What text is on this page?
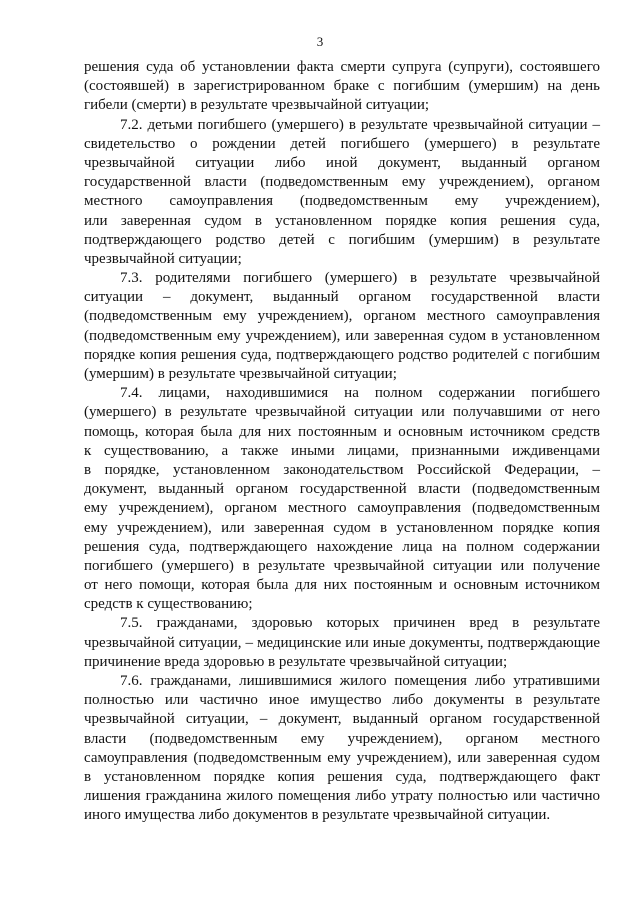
3
решения суда об установлении факта смерти супруга (супруги), состоявшего
(состоявшей) в зарегистрированном браке с погибшим (умершим) на день
гибели (смерти) в результате чрезвычайной ситуации;
7.2. детьми погибшего (умершего) в результате чрезвычайной ситуации –
свидетельство о рождении детей погибшего (умершего) в результате
чрезвычайной ситуации либо иной документ, выданный органом
государственной власти (подведомственным ему учреждением), органом
местного самоуправления (подведомственным ему учреждением),
или заверенная судом в установленном порядке копия решения суда,
подтверждающего родство детей с погибшим (умершим) в результате
чрезвычайной ситуации;
7.3. родителями погибшего (умершего) в результате чрезвычайной
ситуации – документ, выданный органом государственной власти
(подведомственным ему учреждением), органом местного самоуправления
(подведомственным ему учреждением), или заверенная судом в установленном
порядке копия решения суда, подтверждающего родство родителей с погибшим
(умершим) в результате чрезвычайной ситуации;
7.4. лицами, находившимися на полном содержании погибшего
(умершего) в результате чрезвычайной ситуации или получавшими от него
помощь, которая была для них постоянным и основным источником средств
к существованию, а также иными лицами, признанными иждивенцами
в порядке, установленном законодательством Российской Федерации, –
документ, выданный органом государственной власти (подведомственным
ему учреждением), органом местного самоуправления (подведомственным
ему учреждением), или заверенная судом в установленном порядке копия
решения суда, подтверждающего нахождение лица на полном содержании
погибшего (умершего) в результате чрезвычайной ситуации или получение
от него помощи, которая была для них постоянным и основным источником
средств к существованию;
7.5. гражданами, здоровью которых причинен вред в результате
чрезвычайной ситуации, – медицинские или иные документы, подтверждающие
причинение вреда здоровью в результате чрезвычайной ситуации;
7.6. гражданами, лишившимися жилого помещения либо утратившими
полностью или частично иное имущество либо документы в результате
чрезвычайной ситуации, – документ, выданный органом государственной
власти (подведомственным ему учреждением), органом местного
самоуправления (подведомственным ему учреждением), или заверенная судом
в установленном порядке копия решения суда, подтверждающего факт
лишения гражданина жилого помещения либо утрату полностью или частично
иного имущества либо документов в результате чрезвычайной ситуации.
